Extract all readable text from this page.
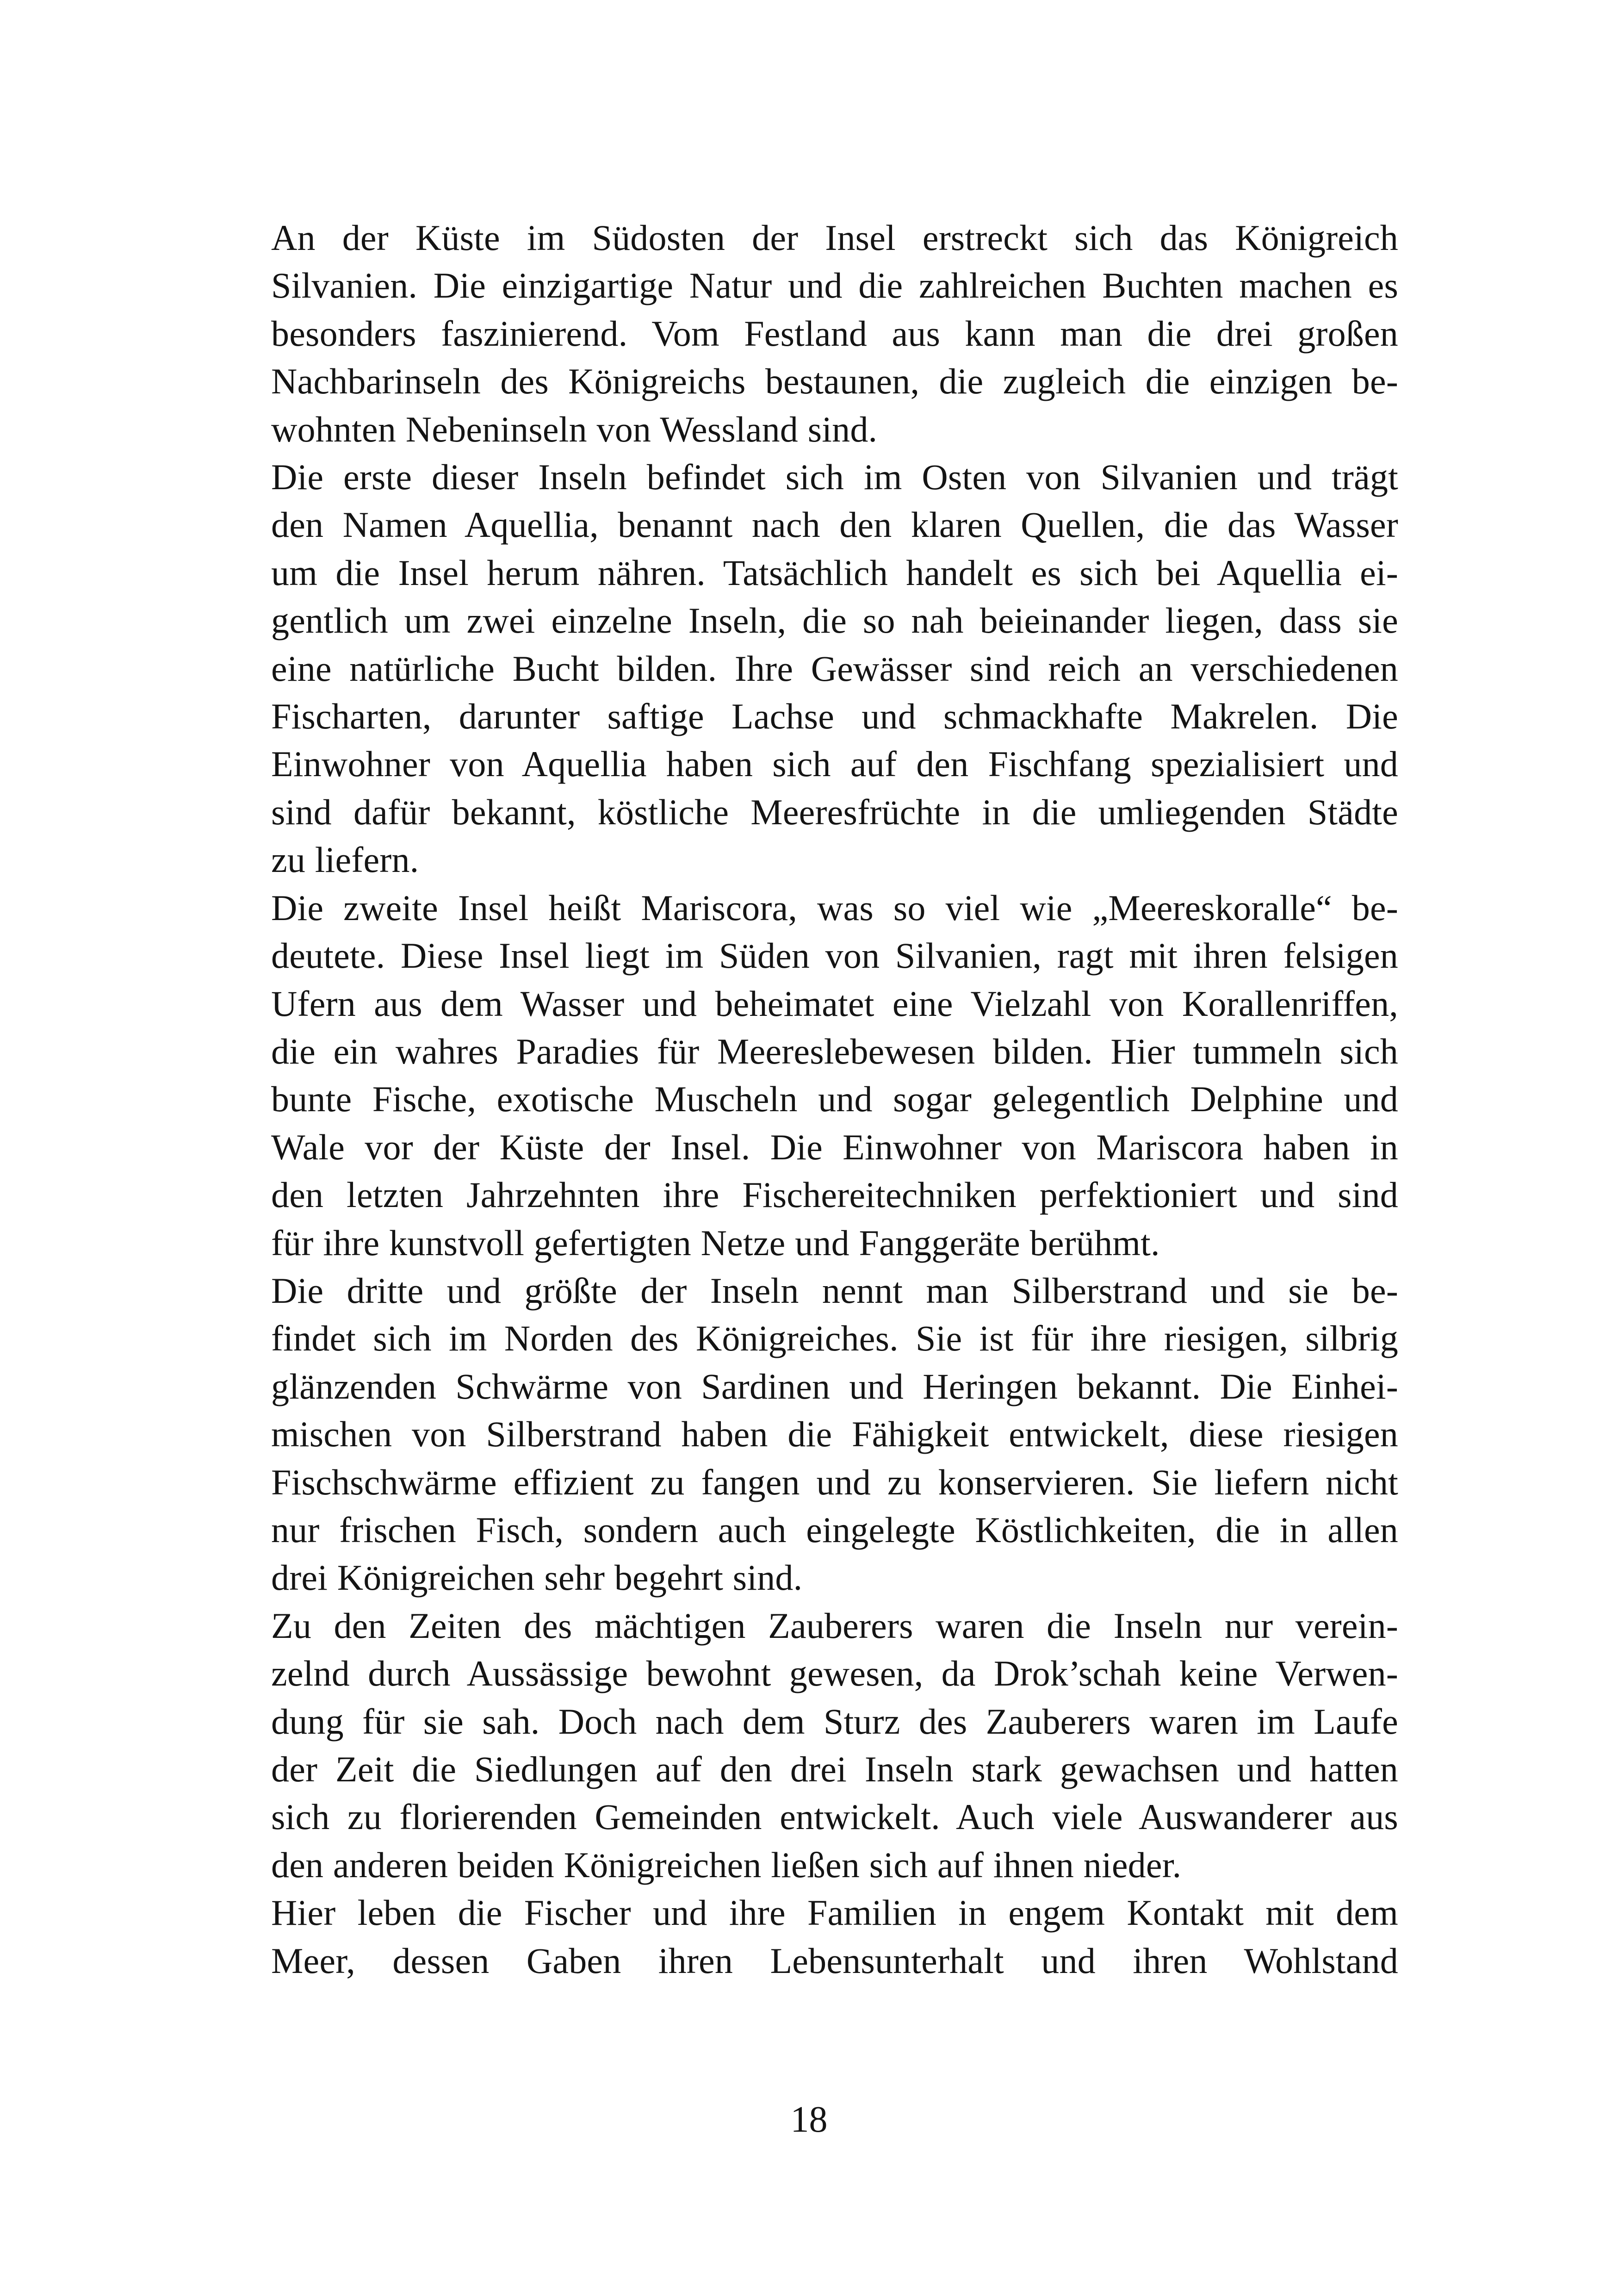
An der Küste im Südosten der Insel erstreckt sich das Königreich
Silvanien. Die einzigartige Natur und die zahlreichen Buchten machen es
besonders faszinierend. Vom Festland aus kann man die drei großen
Nachbarinseln des Königreichs bestaunen, die zugleich die einzigen be-
wohnten Nebeninseln von Wessland sind.

Die erste dieser Inseln befindet sich im Osten von Silvanien und trägt
den Namen Aquellia, benannt nach den klaren Quellen, die das Wasser
um die Insel herum nähren. Tatsächlich handelt es sich bei Aquellia ei-
gentlich um zwei einzelne Inseln, die so nah beieinander liegen, dass sie
eine natürliche Bucht bilden. Ihre Gewässer sind reich an verschiedenen
Fischarten, darunter saftige Lachse und schmackhafte Makrelen. Die
Einwohner von Aquellia haben sich auf den Fischfang spezialisiert und
sind dafür bekannt, köstliche Meeresfrüchte in die umliegenden Städte
zu liefern.

Die zweite Insel heißt Mariscora, was so viel wie „Meereskoralle“ be-
deutete. Diese Insel liegt im Süden von Silvanien, ragt mit ihren felsigen
Ufern aus dem Wasser und beheimatet eine Vielzahl von Korallenriffen,
die ein wahres Paradies für Meereslebewesen bilden. Hier tummeln sich
bunte Fische, exotische Muscheln und sogar gelegentlich Delphine und
Wale vor der Küste der Insel. Die Einwohner von Mariscora haben in
den letzten Jahrzehnten ihre Fischereitechniken perfektioniert und sind
für ihre kunstvoll gefertigten Netze und Fanggeräte berühmt.

Die dritte und größte der Inseln nennt man Silberstrand und sie be-
findet sich im Norden des Königreiches. Sie ist für ihre riesigen, silbrig
glänzenden Schwärme von Sardinen und Heringen bekannt. Die Einhei-
mischen von Silberstrand haben die Fähigkeit entwickelt, diese riesigen
Fischschwärme effizient zu fangen und zu konservieren. Sie liefern nicht
nur frischen Fisch, sondern auch eingelegte Köstlichkeiten, die in allen
drei Königreichen sehr begehrt sind.

Zu den Zeiten des mächtigen Zauberers waren die Inseln nur verein-
zelnd durch Aussässige bewohnt gewesen, da Drok’schah keine Verwen-
dung für sie sah. Doch nach dem Sturz des Zauberers waren im Laufe
der Zeit die Siedlungen auf den drei Inseln stark gewachsen und hatten
sich zu florierenden Gemeinden entwickelt. Auch viele Auswanderer aus
den anderen beiden Königreichen ließen sich auf ihnen nieder.

Hier leben die Fischer und ihre Familien in engem Kontakt mit dem
Meer, dessen Gaben ihren Lebensunterhalt und ihren Wohlstand

18
